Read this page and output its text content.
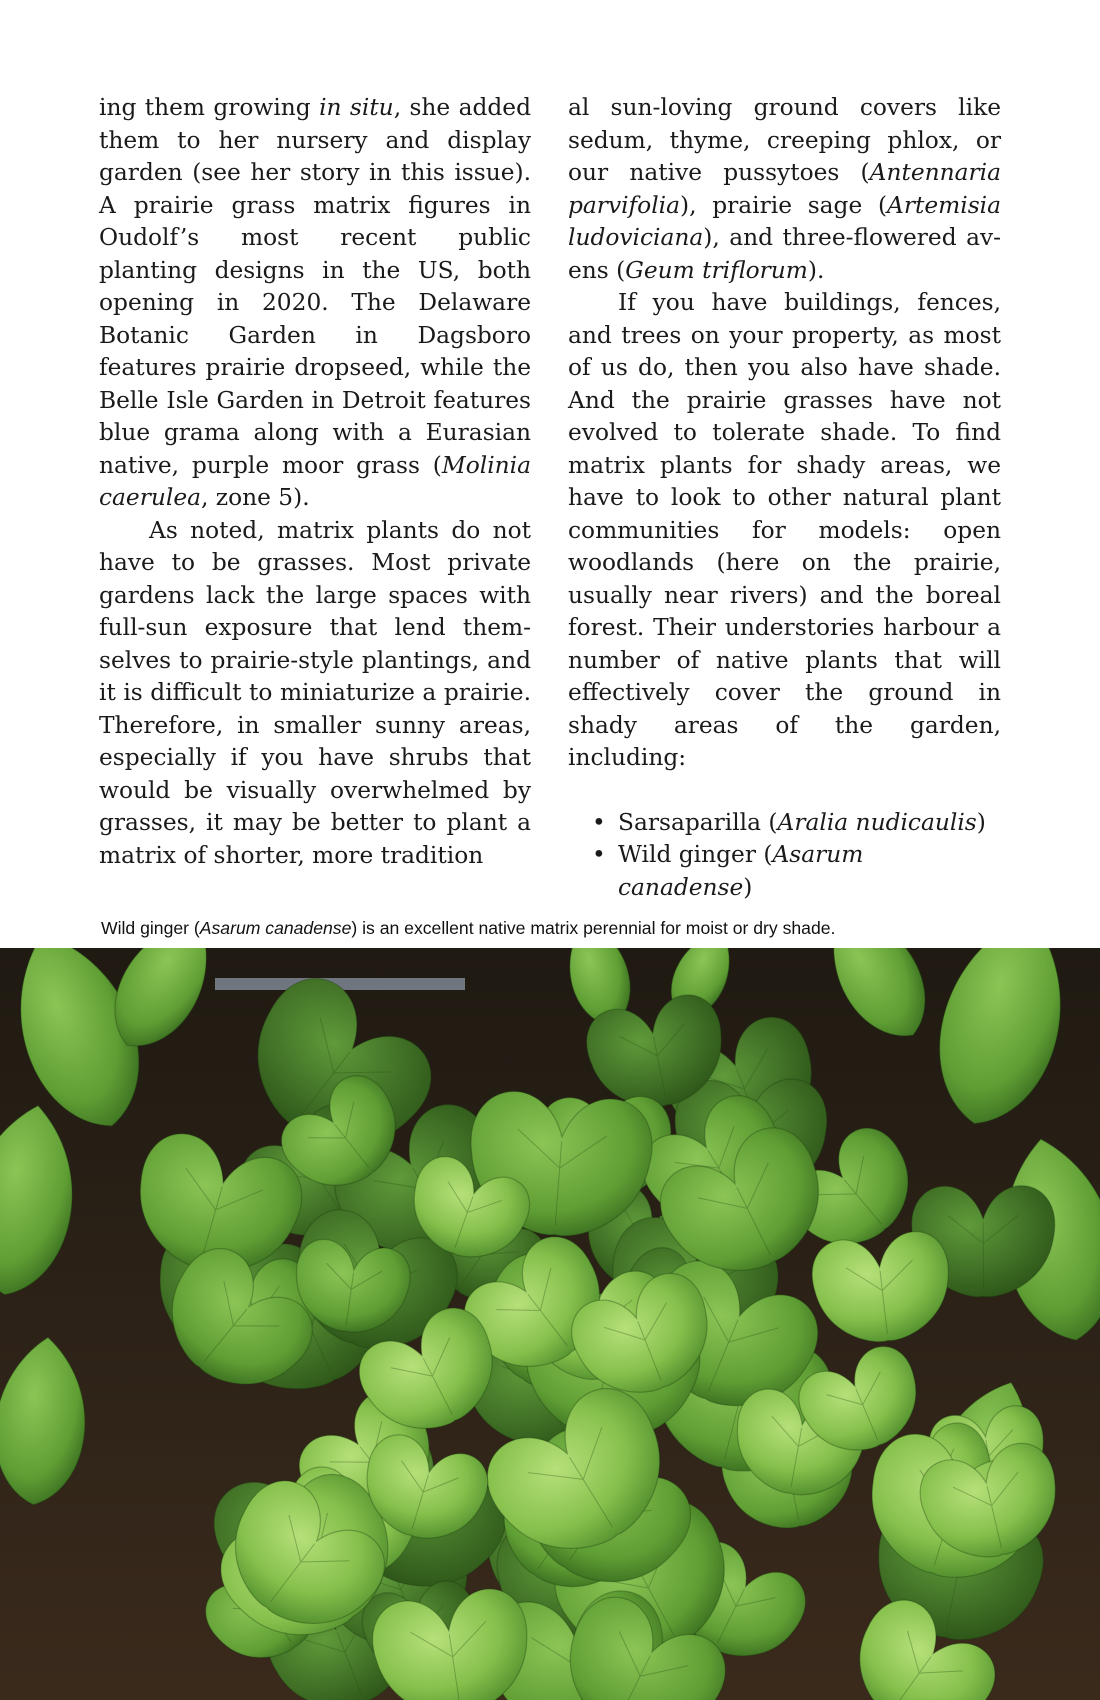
ing them growing in situ, she added them to her nursery and display garden (see her story in this issue). A prairie grass matrix figures in Oudolf’s most recent public planting designs in the US, both opening in 2020. The Delaware Botanic Garden in Dagsboro features prairie dropseed, while the Belle Isle Garden in Detroit features blue grama along with a Eurasian native, purple moor grass (Molinia caerulea, zone 5).

As noted, matrix plants do not have to be grasses. Most private gardens lack the large spaces with full-sun exposure that lend themselves to prairie-style plantings, and it is difficult to miniaturize a prairie. Therefore, in smaller sunny areas, especially if you have shrubs that would be visually overwhelmed by grasses, it may be better to plant a matrix of shorter, more tradition

al sun-loving ground covers like sedum, thyme, creeping phlox, or our native pussytoes (Antennaria parvifolia), prairie sage (Artemisia ludoviciana), and three-flowered avens (Geum triflorum).

If you have buildings, fences, and trees on your property, as most of us do, then you also have shade. And the prairie grasses have not evolved to tolerate shade. To find matrix plants for shady areas, we have to look to other natural plant communities for models: open woodlands (here on the prairie, usually near rivers) and the boreal forest. Their understories harbour a number of native plants that will effectively cover the ground in shady areas of the garden, including:

• Sarsaparilla (Aralia nudicaulis)
• Wild ginger (Asarum canadense)
Wild ginger (Asarum canadense) is an excellent native matrix perennial for moist or dry shade.
